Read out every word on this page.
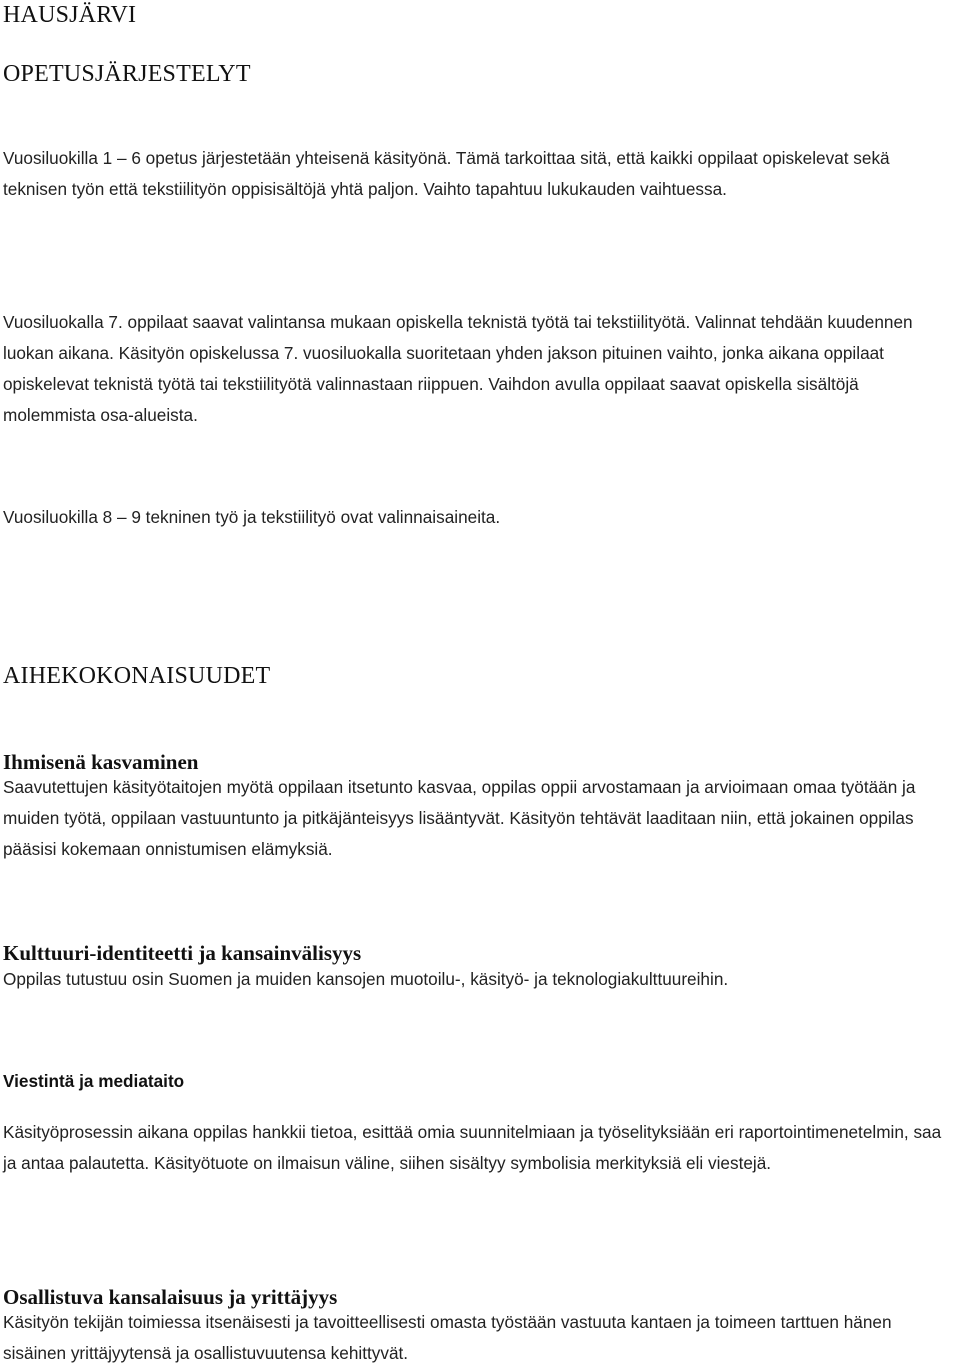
HAUSJÄRVI
OPETUSJÄRJESTELYT

Vuosiluokilla 1 – 6 opetus järjestetään yhteisenä käsityönä. Tämä tarkoittaa sitä, että kaikki oppilaat opiskelevat sekä teknisen työn että tekstiilityön oppisisältöjä yhtä paljon. Vaihto tapahtuu lukukauden vaihtuessa.

Vuosiluokalla 7. oppilaat saavat valintansa mukaan opiskella teknistä työtä tai tekstiilityötä. Valinnat tehdään kuudennen luokan aikana. Käsityön opiskelussa 7. vuosiluokalla suoritetaan yhden jakson pituinen vaihto, jonka aikana oppilaat opiskelevat teknistä työtä tai tekstiilityötä valinnastaan riippuen. Vaihdon avulla oppilaat saavat opiskella sisältöjä molemmista osa-alueista.

Vuosiluokilla 8 – 9 tekninen työ ja tekstiilityö ovat valinnaisaineita.

AIHEKOKONAISUUDET
Ihmisenä kasvaminen

Saavutettujen käsityötaitojen myötä oppilaan itsetunto kasvaa, oppilas oppii arvostamaan ja arvioimaan omaa työtään ja muiden työtä, oppilaan vastuuntunto ja pitkäjänteisyys lisääntyvät. Käsityön tehtävät laaditaan niin, että jokainen oppilas pääsisi kokemaan onnistumisen elämyksiä.

Kulttuuri-identiteetti ja kansainvälisyys

Oppilas tutustuu osin Suomen ja muiden kansojen muotoilu-, käsityö- ja teknologiakulttuureihin.

Viestintä ja mediataito

Käsityöprosessin aikana oppilas hankkii tietoa, esittää omia suunnitelmiaan ja työselityksiään eri raportointimenetelmin, saa ja antaa palautetta. Käsityötuote on ilmaisun väline, siihen sisältyy symbolisia merkityksiä eli viestejä.

Osallistuva kansalaisuus ja yrittäjyys

Käsityön tekijän toimiessa itsenäisesti ja tavoitteellisesti omasta työstään vastuuta kantaen ja toimeen tarttuen hänen sisäinen yrittäjyytensä ja osallistuvuutensa kehittyvät.
